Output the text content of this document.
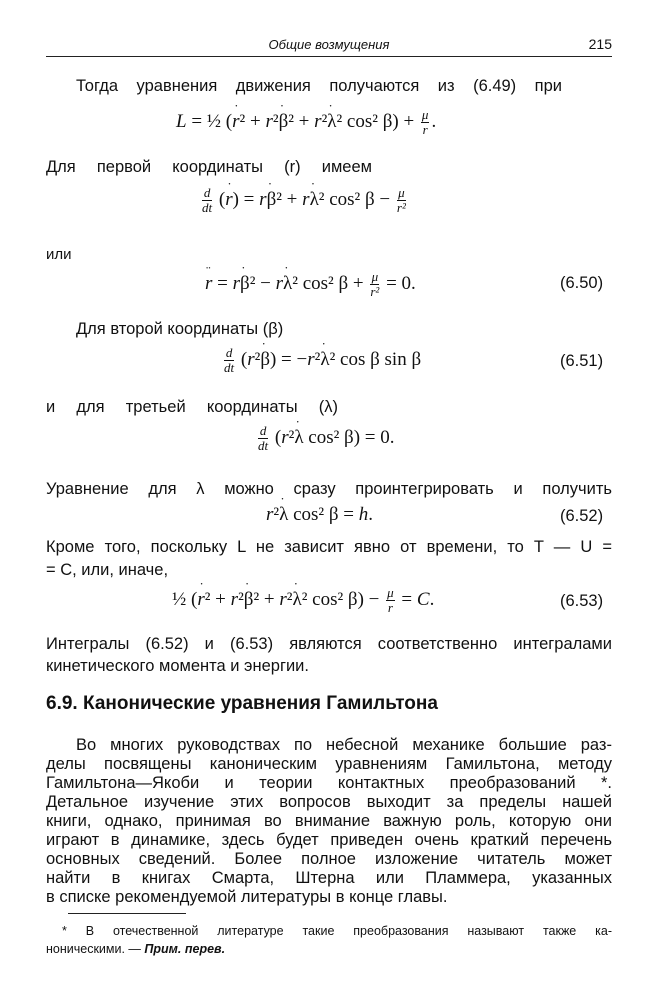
Общие возмущения	215
Тогда уравнения движения получаются из (6.49) при
L = ½ (r ˙² + r²β ˙² + r²λ ˙² cos² $\beta) + \frac{\mu}{r}$ .
Для первой координаты (r) имеем
$\frac{d}{dt} (r$ ˙) = rβ ˙² + rλ ˙² cos² $\beta - \frac{\mu}{\text{r²}}$
или
r ¨ = rβ ˙² − rλ ˙² cos² $\beta + \frac{\mu}{\text{r²}} = 0$.	(6.50)
Для второй координаты (β)
$\frac{d}{dt} (r^2\beta$ ˙) = −r²λ ˙² cos β sin β	(6.51)
и для третьей координаты (λ)
$\frac{d}{dt} (r^2\lambda$ ˙ cos² β) = 0.
Уравнение для λ можно сразу проинтегрировать и получить
r²λ ˙ cos² β = h.	(6.52)
Кроме того, поскольку L не зависит явно от времени, то T — U =
= C, или, иначе,
½ (r ˙² + r²β ˙² + r²λ ˙² cos² $\beta) - \frac{\mu}{r} = C$.	(6.53)
Интегралы (6.52) и (6.53) являются соответственно интегралами
кинетического момента и энергии.
6.9. Канонические уравнения Гамильтона
Во многих руководствах по небесной механике большие раз-
делы посвящены каноническим уравнениям Гамильтона, методу
Гамильтона—Якоби и теории контактных преобразований *.
Детальное изучение этих вопросов выходит за пределы нашей
книги, однако, принимая во внимание важную роль, которую они
играют в динамике, здесь будет приведен очень краткий перечень
основных сведений. Более полное изложение читатель может
найти в книгах Смарта, Штерна или Пламмера, указанных
в списке рекомендуемой литературы в конце главы.
* В отечественной литературе такие преобразования называют также ка-
ноническими. — Прим. перев.
